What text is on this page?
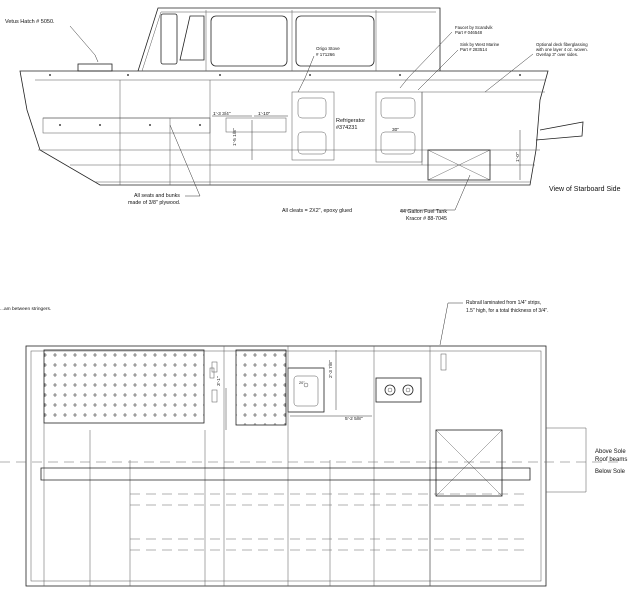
Vetus Hatch # 5050.
Origo Stove # 171266
Faucet by Scandvik Part # 046548
Sink by West Marine Part # 283514
Optional deck fiberglassing with one layer 4 oz. woven. Overlap 3" over sides.
Refrigerator #374231
All seats and bunks made of 3/8" plywood.
All cleats = 2X2", epoxy glued	44 Gallon Fuel Tank Kracor # 88-7045
View of Starboard Side
1'-3 3/4"	1'-10"
1'-5 1/8"	30"
1'-0"
...am between stringers.
Rubrail laminated from 1/4" strips, 1.5" high, for a total thickness of 3/4".
3'-1"
2'-3 7/8"
5'-2 5/8"
20"
Above Sole
Roof beams
Below Sole
